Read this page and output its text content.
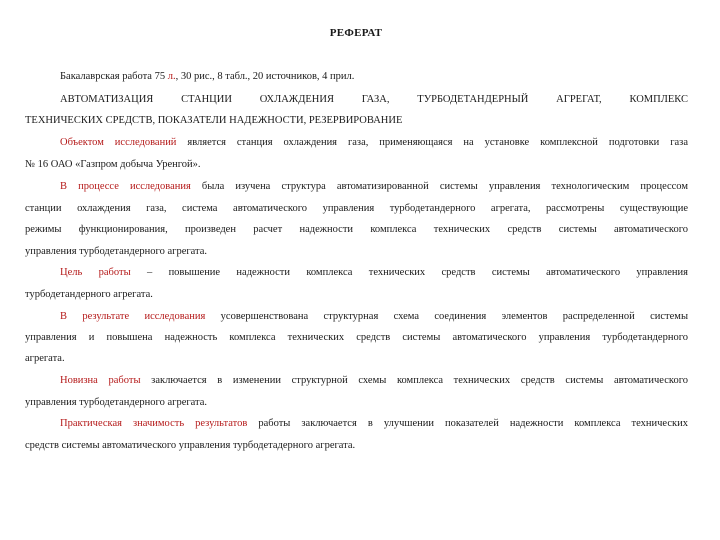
РЕФЕРАТ
Бакалаврская работа 75 л., 30 рис., 8 табл., 20 источников, 4 прил.
АВТОМАТИЗАЦИЯ СТАНЦИИ ОХЛАЖДЕНИЯ ГАЗА, ТУРБОДЕТАНДЕРНЫЙ АГРЕГАТ, КОМПЛЕКС
ТЕХНИЧЕСКИХ СРЕДСТВ, ПОКАЗАТЕЛИ НАДЕЖНОСТИ, РЕЗЕРВИРОВАНИЕ
Объектом исследований является станция охлаждения газа, применяющаяся на установке комплексной подготовки газа
№ 16 ОАО «Газпром добыча Уренгой».
В процессе исследования была изучена структура автоматизированной системы управления технологическим процессом
станции охлаждения газа, система автоматического управления турбодетандерного агрегата, рассмотрены существующие
режимы функционирования, произведен расчет надежности комплекса технических средств системы автоматического
управления турбодетандерного агрегата.
Цель работы – повышение надежности комплекса технических средств системы автоматического управления
турбодетандерного агрегата.
В результате исследования усовершенствована структурная схема соединения элементов распределенной системы
управления и повышена надежность комплекса технических средств системы автоматического управления турбодетандерного
агрегата.
Новизна работы заключается в изменении структурной схемы комплекса технических средств системы автоматического
управления турбодетандерного агрегата.
Практическая значимость результатов работы заключается в улучшении показателей надежности комплекса технических
средств системы автоматического управления турбодетадерного агрегата.
